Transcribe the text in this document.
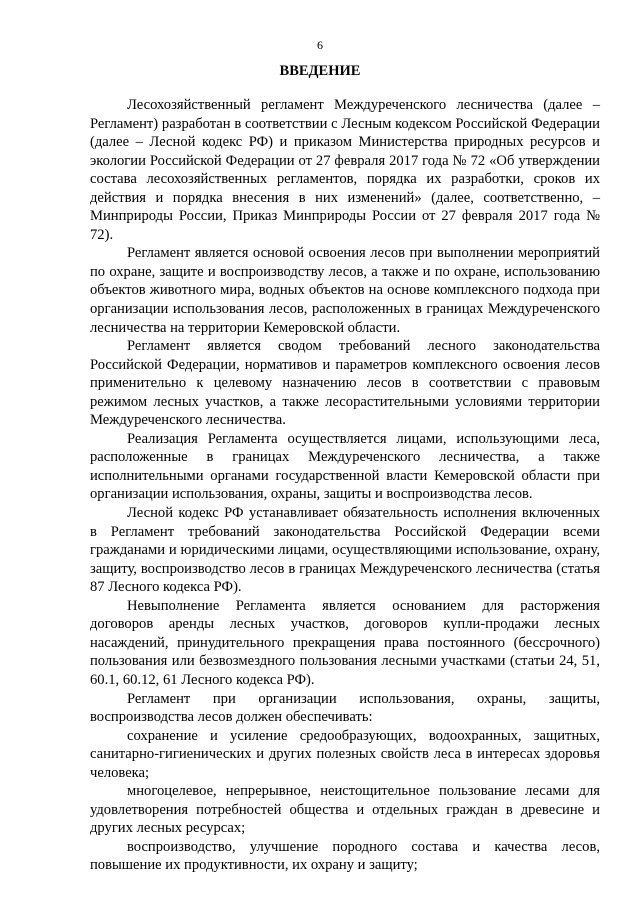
6
ВВЕДЕНИЕ

Лесохозяйственный регламент Междуреченского лесничества (далее – Регламент) разработан в соответствии с Лесным кодексом Российской Федерации (далее – Лесной кодекс РФ) и приказом Министерства природных ресурсов и экологии Российской Федерации от 27 февраля 2017 года № 72 «Об утверждении состава лесохозяйственных регламентов, порядка их разработки, сроков их действия и порядка внесения в них изменений» (далее, соответственно, – Минприроды России, Приказ Минприроды России от 27 февраля 2017 года № 72).

Регламент является основой освоения лесов при выполнении мероприятий по охране, защите и воспроизводству лесов, а также и по охране, использованию объектов животного мира, водных объектов на основе комплексного подхода при организации использования лесов, расположенных в границах Междуреченского лесничества на территории Кемеровской области.

Регламент является сводом требований лесного законодательства Российской Федерации, нормативов и параметров комплексного освоения лесов применительно к целевому назначению лесов в соответствии с правовым режимом лесных участков, а также лесорастительными условиями территории Междуреченского лесничества.

Реализация Регламента осуществляется лицами, использующими леса, расположенные в границах Междуреченского лесничества, а также исполнительными органами государственной власти Кемеровской области при организации использования, охраны, защиты и воспроизводства лесов.

Лесной кодекс РФ устанавливает обязательность исполнения включенных в Регламент требований законодательства Российской Федерации всеми гражданами и юридическими лицами, осуществляющими использование, охрану, защиту, воспроизводство лесов в границах Междуреченского лесничества (статья 87 Лесного кодекса РФ).

Невыполнение Регламента является основанием для расторжения договоров аренды лесных участков, договоров купли-продажи лесных насаждений, принудительного прекращения права постоянного (бессрочного) пользования или безвозмездного пользования лесными участками (статьи 24, 51, 60.1, 60.12, 61 Лесного кодекса РФ).

Регламент при организации использования, охраны, защиты, воспроизводства лесов должен обеспечивать:

сохранение и усиление средообразующих, водоохранных, защитных, санитарно-гигиенических и других полезных свойств леса в интересах здоровья человека;

многоцелевое, непрерывное, неистощительное пользование лесами для удовлетворения потребностей общества и отдельных граждан в древесине и других лесных ресурсах;

воспроизводство, улучшение породного состава и качества лесов, повышение их продуктивности, их охрану и защиту;
